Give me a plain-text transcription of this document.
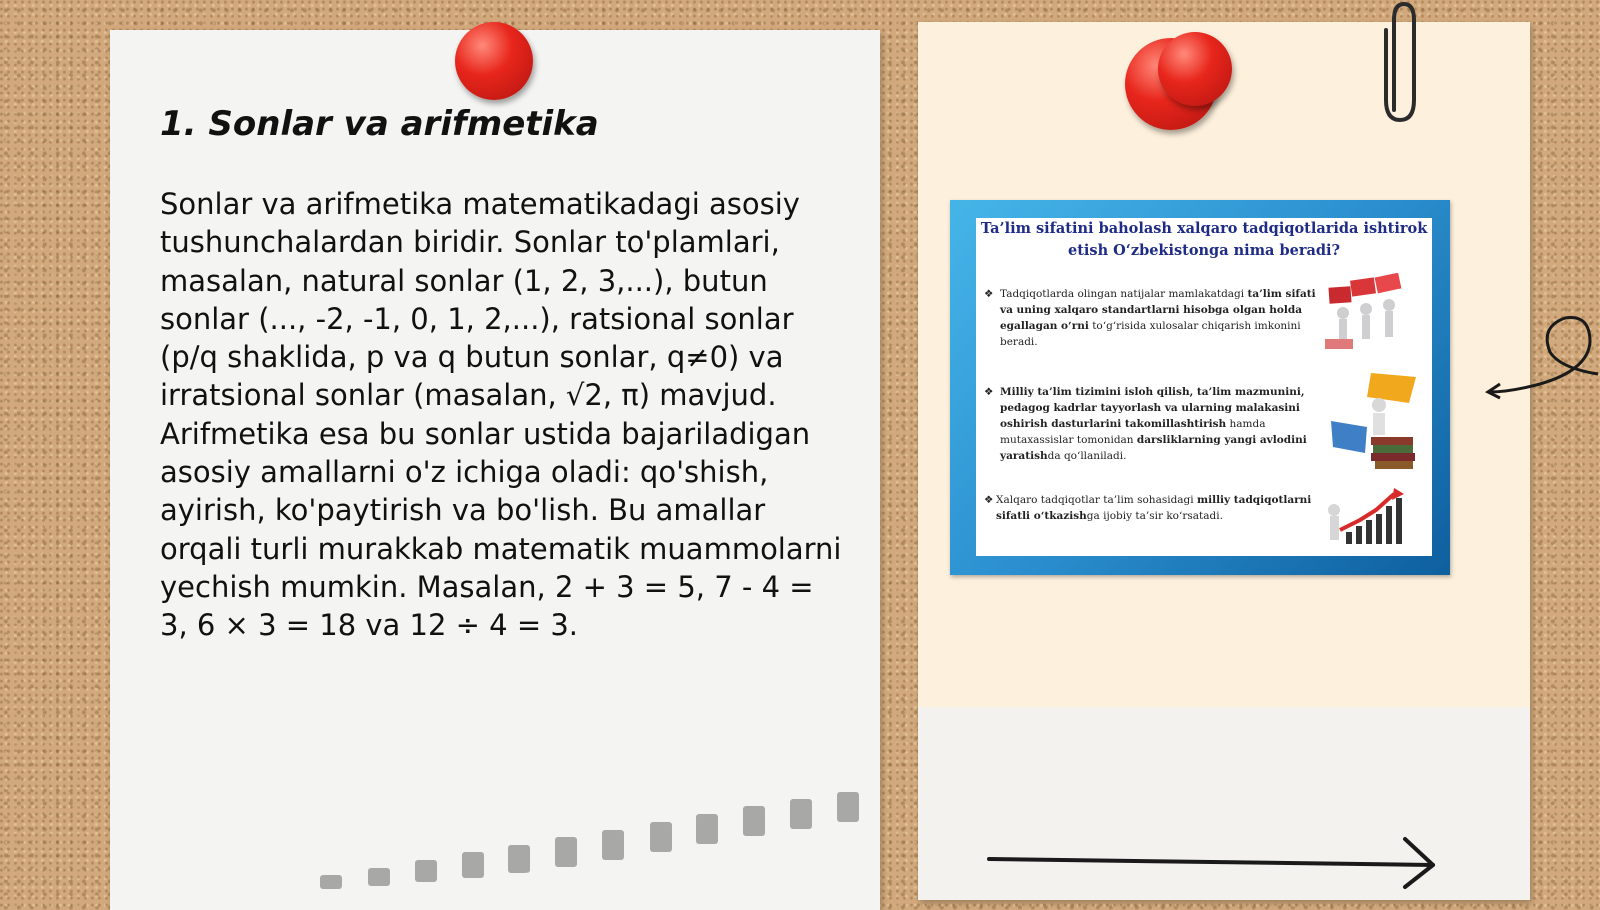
1. Sonlar va arifmetika

Sonlar va arifmetika matematikadagi asosiy tushunchalardan biridir. Sonlar to'plamlari, masalan, natural sonlar (1, 2, 3,...), butun sonlar (..., -2, -1, 0, 1, 2,...), ratsional sonlar (p/q shaklida, p va q butun sonlar, q≠0) va irratsional sonlar (masalan, √2, π) mavjud. Arifmetika esa bu sonlar ustida bajariladigan asosiy amallarni o'z ichiga oladi: qo'shish, ayirish, ko'paytirish va bo'lish. Bu amallar orqali turli murakkab matematik muammolarni yechish mumkin. Masalan, 2 + 3 = 5, 7 - 4 = 3, 6 × 3 = 18 va 12 ÷ 4 = 3.

Ta’lim sifatini baholash xalqaro tadqiqotlarida ishtirok etish O‘zbekistonga nima beradi?
❖ Tadqiqotlarda olingan natijalar mamlakatdagi ta’lim sifati va uning xalqaro standartlarni hisobga olgan holda egallagan o‘rni to‘g‘risida xulosalar chiqarish imkonini beradi.

❖ Milliy ta’lim tizimini isloh qilish, ta’lim mazmunini, pedagog kadrlar tayyorlash va ularning malakasini oshirish dasturlarini takomillashtirish hamda mutaxassislar tomonidan darsliklarning yangi avlodini yaratishda qo‘llaniladi.

❖ Xalqaro tadqiqotlar ta’lim sohasidagi milliy tadqiqotlarni sifatli o‘tkazishga ijobiy ta’sir ko‘rsatadi.
